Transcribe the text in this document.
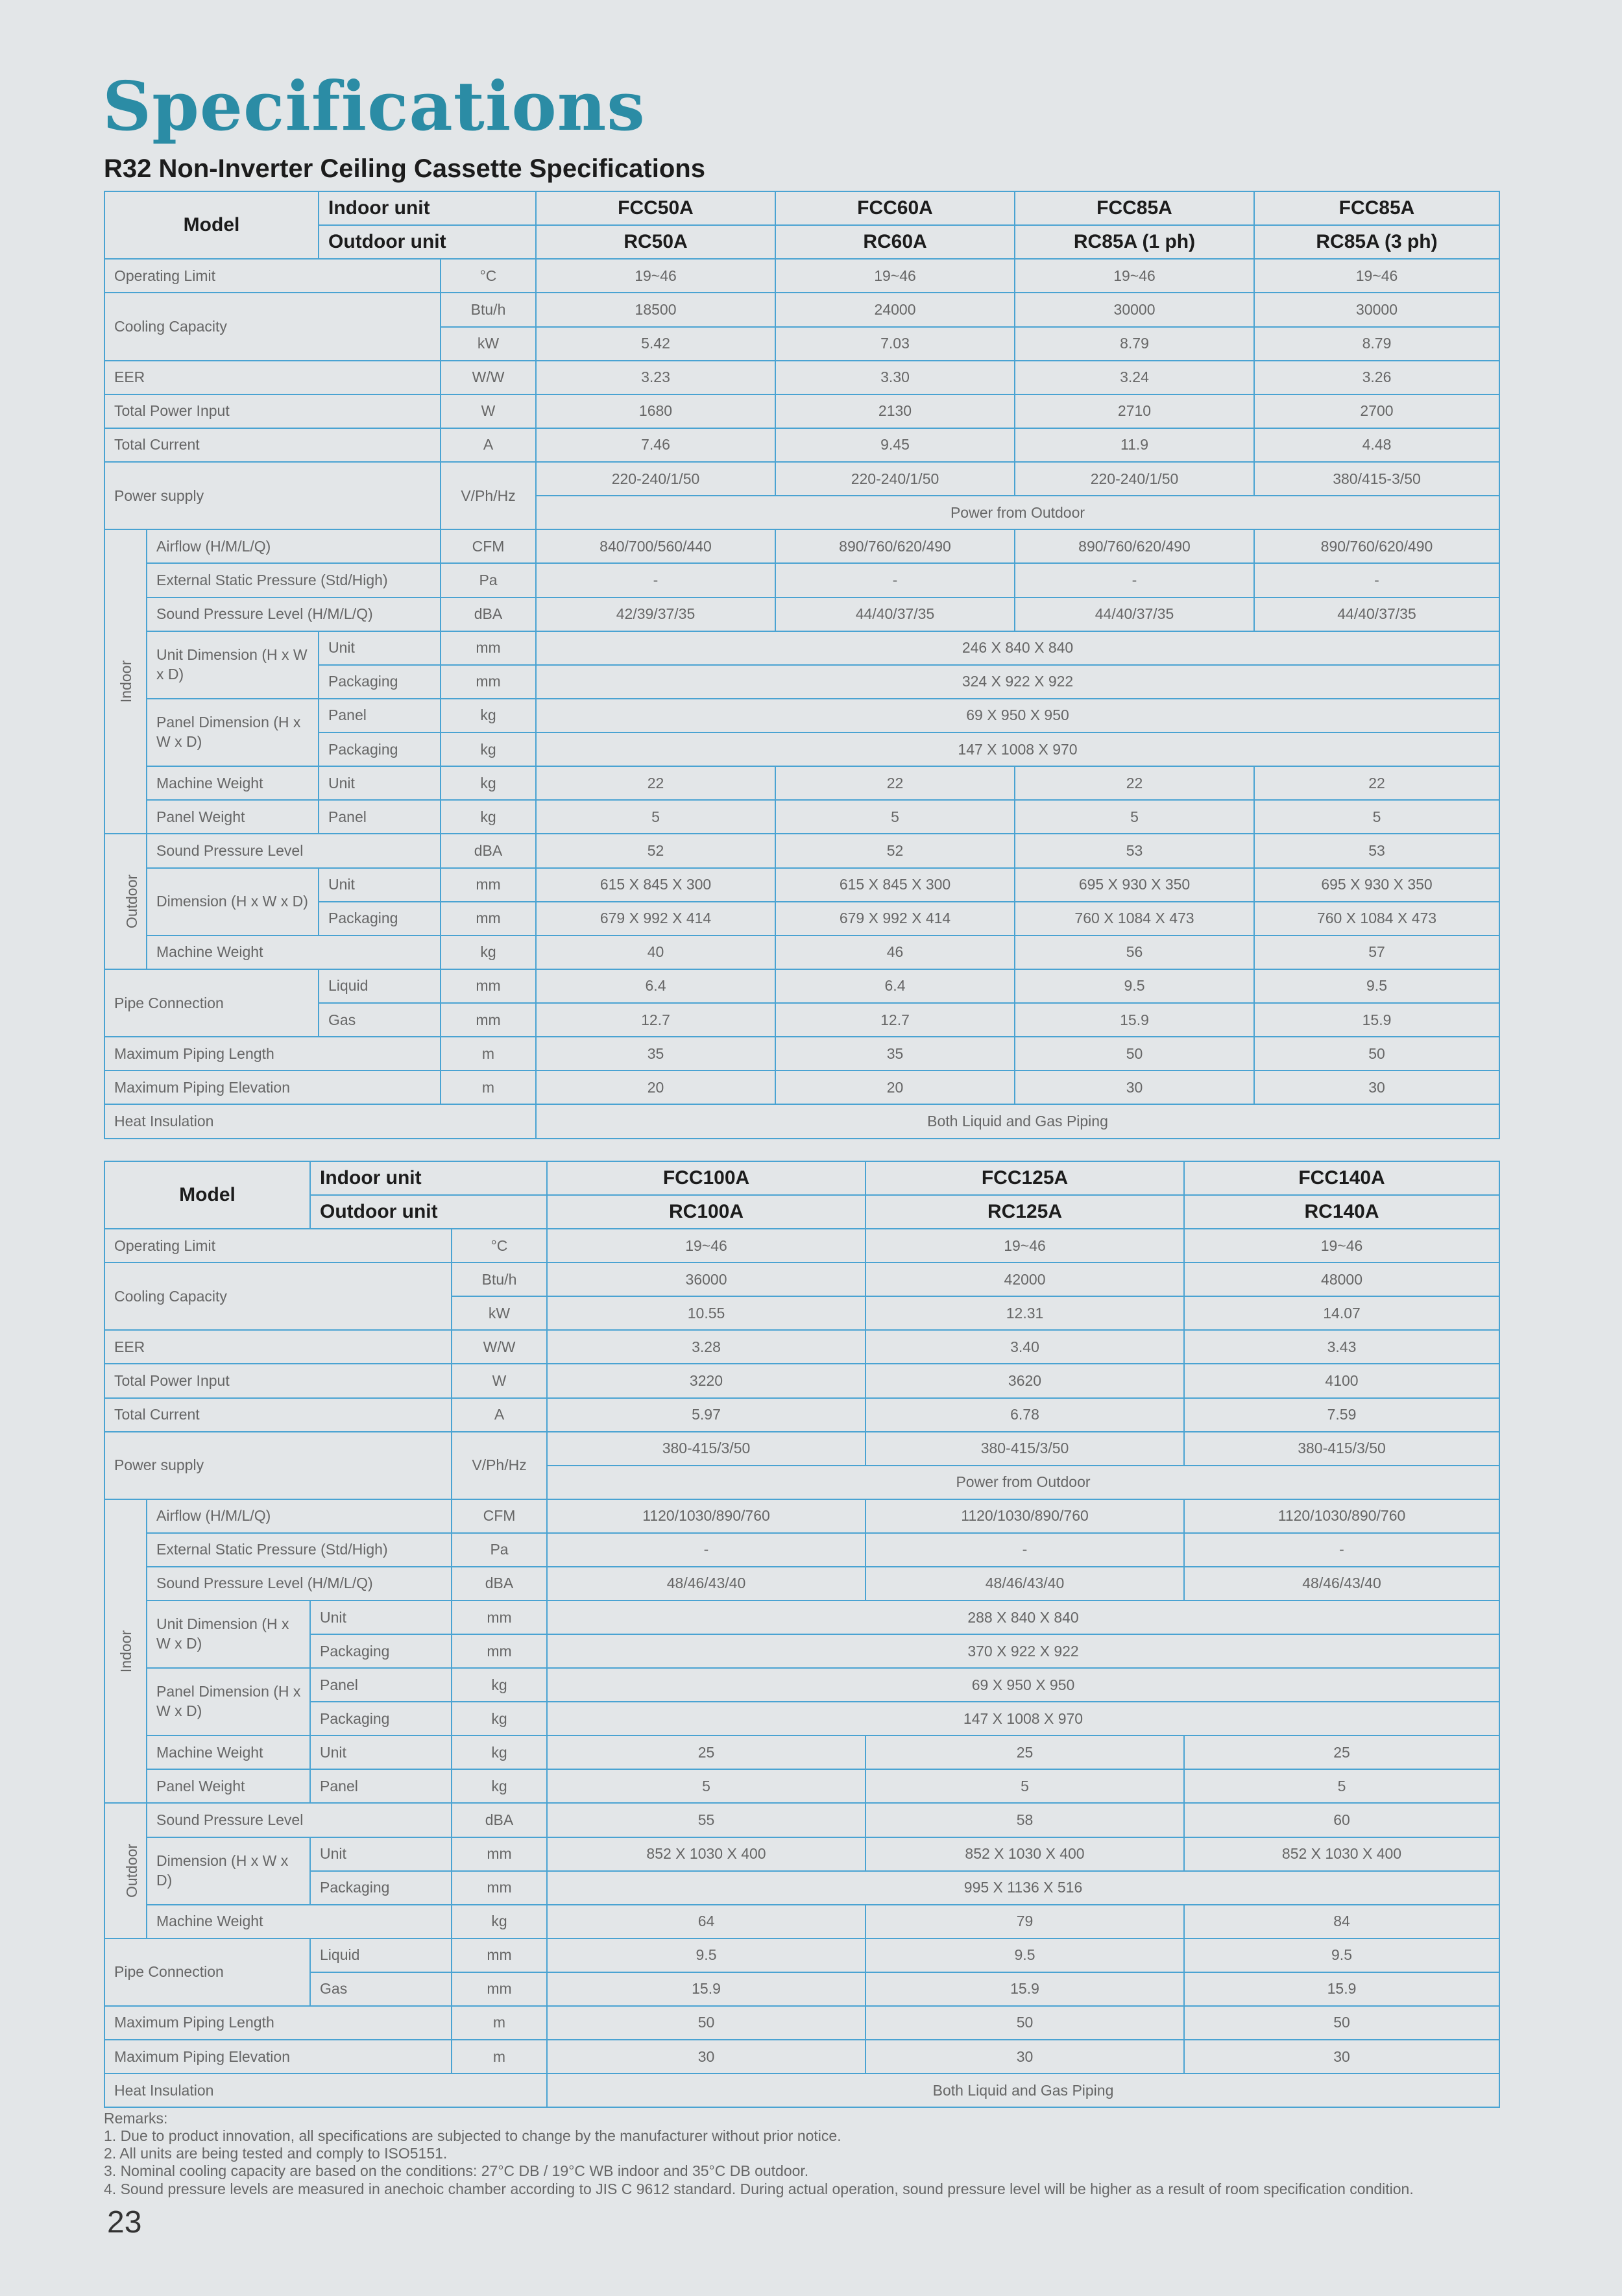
Specifications
R32 Non-Inverter Ceiling Cassette Specifications
Model		Indoor unit		FCC50A	FCC60A	FCC85A	FCC85A
		Outdoor unit		RC50A	RC60A	RC85A (1 ph)	RC85A (3 ph)
Operating Limit			°C	19~46	19~46	19~46	19~46
Cooling Capacity			Btu/h	18500	24000	30000	30000
			kW	5.42	7.03	8.79	8.79
EER			W/W	3.23	3.30	3.24	3.26
Total Power Input			W	1680	2130	2710	2700
Total Current			A	7.46	9.45	11.9	4.48
Power supply			V/Ph/Hz	220-240/1/50	220-240/1/50	220-240/1/50	380/415-3/50
				Power from Outdoor			
Indoor	Airflow (H/M/L/Q)		CFM	840/700/560/440	890/760/620/490	890/760/620/490	890/760/620/490
	External Static Pressure (Std/High)		Pa	-	-	-	-
	Sound Pressure Level (H/M/L/Q)		dBA	42/39/37/35	44/40/37/35	44/40/37/35	44/40/37/35
	Unit Dimension (H x W x D)	Unit	mm	246 X 840 X 840			
		Packaging	mm	324 X 922 X 922			
	Panel Dimension (H x W x D)	Panel	kg	69 X 950 X 950			
		Packaging	kg	147 X 1008 X 970			
	Machine Weight	Unit	kg	22	22	22	22
	Panel Weight	Panel	kg	5	5	5	5
Outdoor	Sound Pressure Level		dBA	52	52	53	53
	Dimension (H x W x D)	Unit	mm	615 X 845 X 300	615 X 845 X 300	695 X 930 X 350	695 X 930 X 350
		Packaging	mm	679 X 992 X 414	679 X 992 X 414	760 X 1084 X 473	760 X 1084 X 473
	Machine Weight		kg	40	46	56	57
Pipe Connection		Liquid	mm	6.4	6.4	9.5	9.5
		Gas	mm	12.7	12.7	15.9	15.9
Maximum Piping Length			m	35	35	50	50
Maximum Piping Elevation			m	20	20	30	30
Heat Insulation				Both Liquid and Gas Piping			
Model		Indoor unit		FCC100A	FCC125A	FCC140A
		Outdoor unit		RC100A	RC125A	RC140A
Operating Limit			°C	19~46	19~46	19~46
Cooling Capacity			Btu/h	36000	42000	48000
			kW	10.55	12.31	14.07
EER			W/W	3.28	3.40	3.43
Total Power Input			W	3220	3620	4100
Total Current			A	5.97	6.78	7.59
Power supply			V/Ph/Hz	380-415/3/50	380-415/3/50	380-415/3/50
				Power from Outdoor		
Indoor	Airflow (H/M/L/Q)		CFM	1120/1030/890/760	1120/1030/890/760	1120/1030/890/760
	External Static Pressure (Std/High)		Pa	-	-	-
	Sound Pressure Level (H/M/L/Q)		dBA	48/46/43/40	48/46/43/40	48/46/43/40
	Unit Dimension (H x W x D)	Unit	mm	288 X 840 X 840		
		Packaging	mm	370 X 922 X 922		
	Panel Dimension (H x W x D)	Panel	kg	69 X 950 X 950		
		Packaging	kg	147 X 1008 X 970		
	Machine Weight	Unit	kg	25	25	25
	Panel Weight	Panel	kg	5	5	5
Outdoor	Sound Pressure Level		dBA	55	58	60
	Dimension (H x W x D)	Unit	mm	852 X 1030 X 400	852 X 1030 X 400	852 X 1030 X 400
		Packaging	mm	995 X 1136 X 516		
	Machine Weight		kg	64	79	84
Pipe Connection		Liquid	mm	9.5	9.5	9.5
		Gas	mm	15.9	15.9	15.9
Maximum Piping Length			m	50	50	50
Maximum Piping Elevation			m	30	30	30
Heat Insulation				Both Liquid and Gas Piping		
Remarks:
1. Due to product innovation, all specifications are subjected to change by the manufacturer without prior notice.
2. All units are being tested and comply to ISO5151.
3. Nominal cooling capacity are based on the conditions: 27°C DB / 19°C WB indoor and 35°C DB outdoor.
4. Sound pressure levels are measured in anechoic chamber according to JIS C 9612 standard. During actual operation, sound pressure level will be higher as a result of room specification condition.
23
